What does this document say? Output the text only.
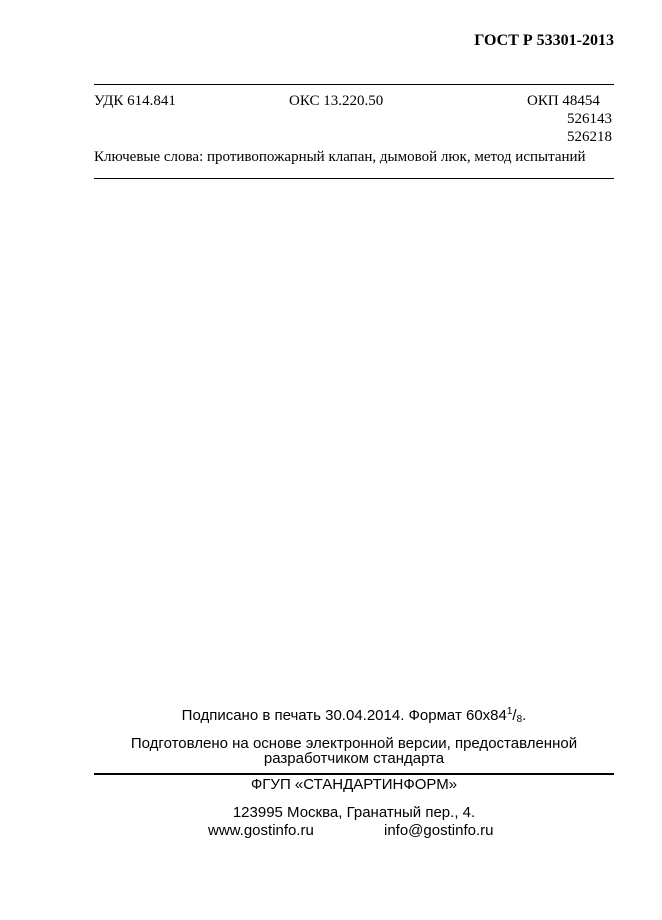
ГОСТ Р 53301-2013
УДК 614.841	ОКС 13.220.50	ОКП 48454
526143
526218
Ключевые слова: противопожарный клапан, дымовой люк, метод испытаний
Подписано в печать 30.04.2014. Формат $60x84^1/_8$.
Подготовлено на основе электронной версии, предоставленной разработчиком стандарта
ФГУП «СТАНДАРТИНФОРМ»
123995 Москва, Гранатный пер., 4.
www.gostinfo.ru	info@gostinfo.ru
